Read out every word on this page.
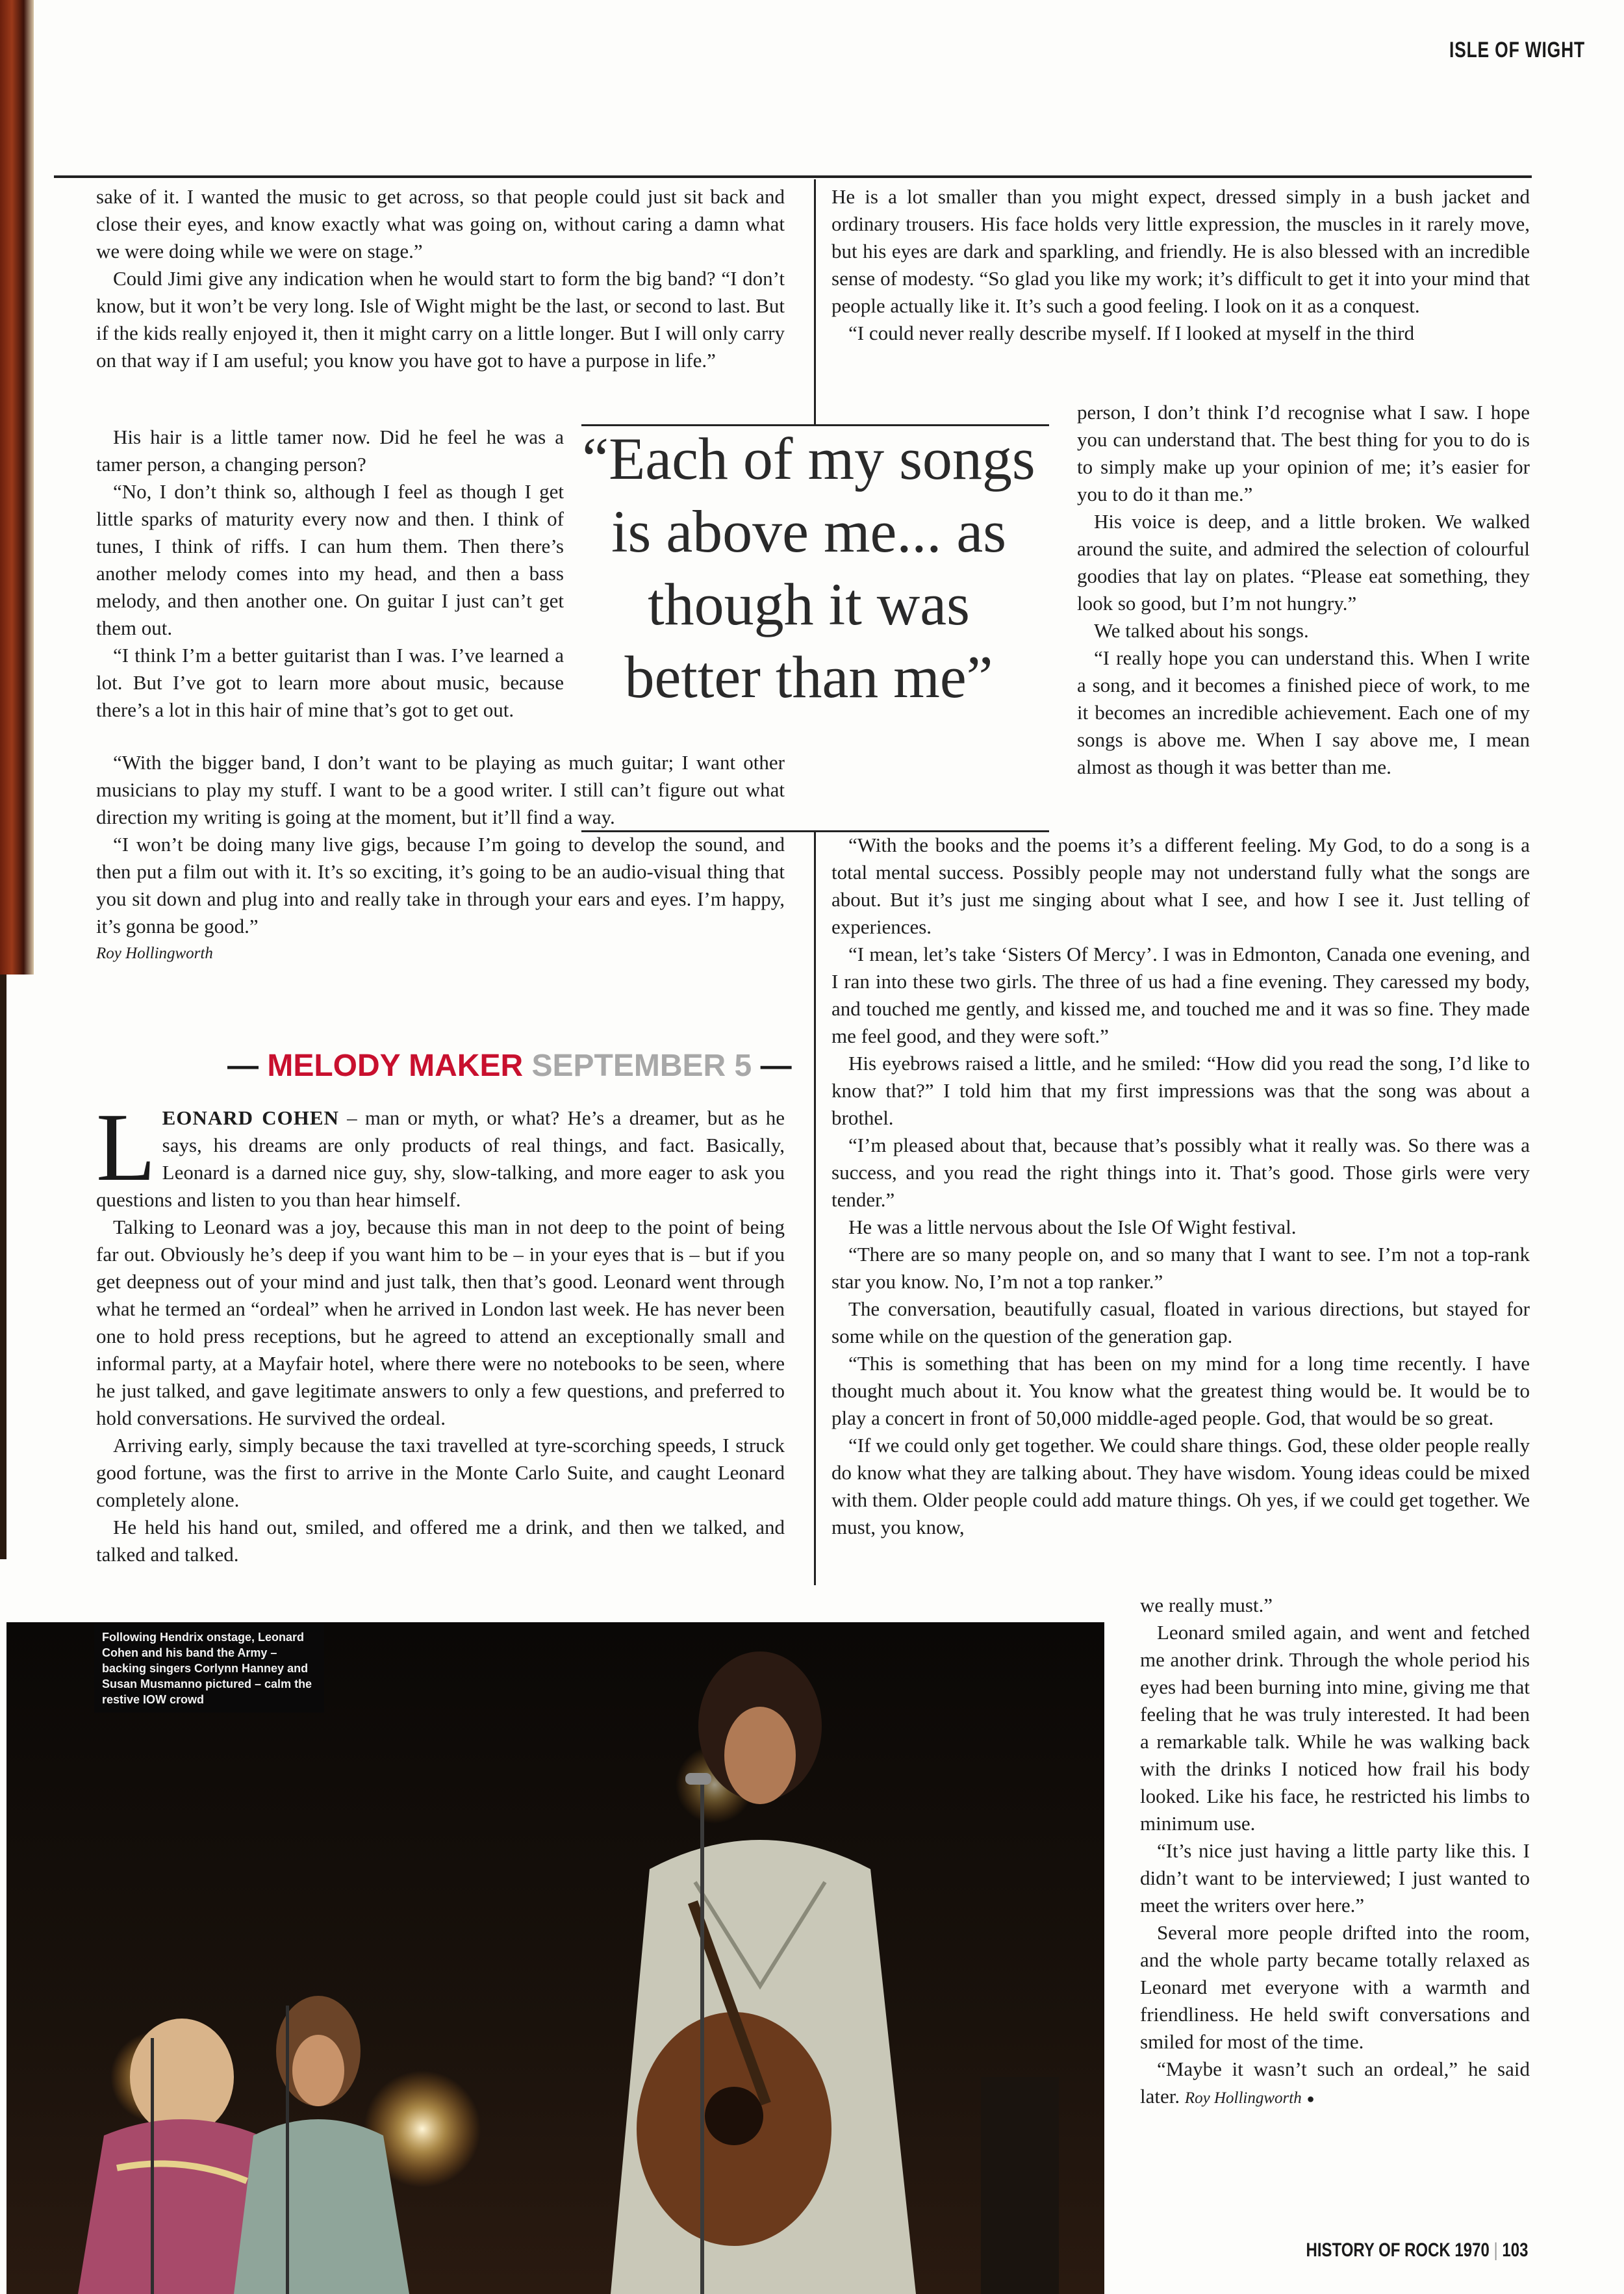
ISLE OF WIGHT

sake of it. I wanted the music to get across, so that people could just sit back and close their eyes, and know exactly what was going on, without caring a damn what we were doing while we were on stage.”

Could Jimi give any indication when he would start to form the big band? “I don’t know, but it won’t be very long. Isle of Wight might be the last, or second to last. But if the kids really enjoyed it, then it might carry on a little longer. But I will only carry on that way if I am useful; you know you have got to have a purpose in life.”

His hair is a little tamer now. Did he feel he was a tamer person, a changing person?

“No, I don’t think so, although I feel as though I get little sparks of maturity every now and then. I think of tunes, I think of riffs. I can hum them. Then there’s another melody comes into my head, and then a bass melody, and then another one. On guitar I just can’t get them out.

“I think I’m a better guitarist than I was. I’ve learned a lot. But I’ve got to learn more about music, because there’s a lot in this hair of mine that’s got to get out.

“With the bigger band, I don’t want to be playing as much guitar; I want other musicians to play my stuff. I want to be a good writer. I still can’t figure out what direction my writing is going at the moment, but it’ll find a way.

“I won’t be doing many live gigs, because I’m going to develop the sound, and then put a film out with it. It’s so exciting, it’s going to be an audio-visual thing that you sit down and plug into and really take in through your ears and eyes. I’m happy, it’s gonna be good.”

Roy Hollingworth

“Each of my songs is above me... as though it was better than me”
— MELODY MAKER SEPTEMBER 5 —

LEONARD COHEN – man or myth, or what? He’s a dreamer, but as he says, his dreams are only products of real things, and fact. Basically, Leonard is a darned nice guy, shy, slow-talking, and more eager to ask you questions and listen to you than hear himself.

Talking to Leonard was a joy, because this man in not deep to the point of being far out. Obviously he’s deep if you want him to be – in your eyes that is – but if you get deepness out of your mind and just talk, then that’s good. Leonard went through what he termed an “ordeal” when he arrived in London last week. He has never been one to hold press receptions, but he agreed to attend an exceptionally small and informal party, at a Mayfair hotel, where there were no notebooks to be seen, where he just talked, and gave legitimate answers to only a few questions, and preferred to hold conversations. He survived the ordeal.

Arriving early, simply because the taxi travelled at tyre-scorching speeds, I struck good fortune, was the first to arrive in the Monte Carlo Suite, and caught Leonard completely alone.

He held his hand out, smiled, and offered me a drink, and then we talked, and talked and talked.

He is a lot smaller than you might expect, dressed simply in a bush jacket and ordinary trousers. His face holds very little expression, the muscles in it rarely move, but his eyes are dark and sparkling, and friendly. He is also blessed with an incredible sense of modesty. “So glad you like my work; it’s difficult to get it into your mind that people actually like it. It’s such a good feeling. I look on it as a conquest.

“I could never really describe myself. If I looked at myself in the third

person, I don’t think I’d recognise what I saw. I hope you can understand that. The best thing for you to do is to simply make up your opinion of me; it’s easier for you to do it than me.”

His voice is deep, and a little broken. We walked around the suite, and admired the selection of colourful goodies that lay on plates. “Please eat something, they look so good, but I’m not hungry.”

We talked about his songs.

“I really hope you can understand this. When I write a song, and it becomes a finished piece of work, to me it becomes an incredible achievement. Each one of my songs is above me. When I say above me, I mean almost as though it was better than me.

“With the books and the poems it’s a different feeling. My God, to do a song is a total mental success. Possibly people may not understand fully what the songs are about. But it’s just me singing about what I see, and how I see it. Just telling of experiences.

“I mean, let’s take ‘Sisters Of Mercy’. I was in Edmonton, Canada one evening, and I ran into these two girls. The three of us had a fine evening. They caressed my body, and touched me gently, and kissed me, and touched me and it was so fine. They made me feel good, and they were soft.”

His eyebrows raised a little, and he smiled: “How did you read the song, I’d like to know that?” I told him that my first impressions was that the song was about a brothel.

“I’m pleased about that, because that’s possibly what it really was. So there was a success, and you read the right things into it. That’s good. Those girls were very tender.”

He was a little nervous about the Isle Of Wight festival.

“There are so many people on, and so many that I want to see. I’m not a top-rank star you know. No, I’m not a top ranker.”

The conversation, beautifully casual, floated in various directions, but stayed for some while on the question of the generation gap.

“This is something that has been on my mind for a long time recently. I have thought much about it. You know what the greatest thing would be. It would be to play a concert in front of 50,000 middle-aged people. God, that would be so great.

“If we could only get together. We could share things. God, these older people really do know what they are talking about. They have wisdom. Young ideas could be mixed with them. Older people could add mature things. Oh yes, if we could get together. We must, you know,

we really must.”

Leonard smiled again, and went and fetched me another drink. Through the whole period his eyes had been burning into mine, giving me that feeling that he was truly interested. It had been a remarkable talk. While he was walking back with the drinks I noticed how frail his body looked. Like his face, he restricted his limbs to minimum use.

“It’s nice just having a little party like this. I didn’t want to be interviewed; I just wanted to meet the writers over here.”

Several more people drifted into the room, and the whole party became totally relaxed as Leonard met everyone with a warmth and friendliness. He held swift conversations and smiled for most of the time.

“Maybe it wasn’t such an ordeal,” he said later. Roy Hollingworth ●

Following Hendrix onstage, Leonard Cohen and his band the Army – backing singers Corlynn Hanney and Susan Musmanno pictured – calm the restive IOW crowd
HISTORY OF ROCK 1970 | 103
